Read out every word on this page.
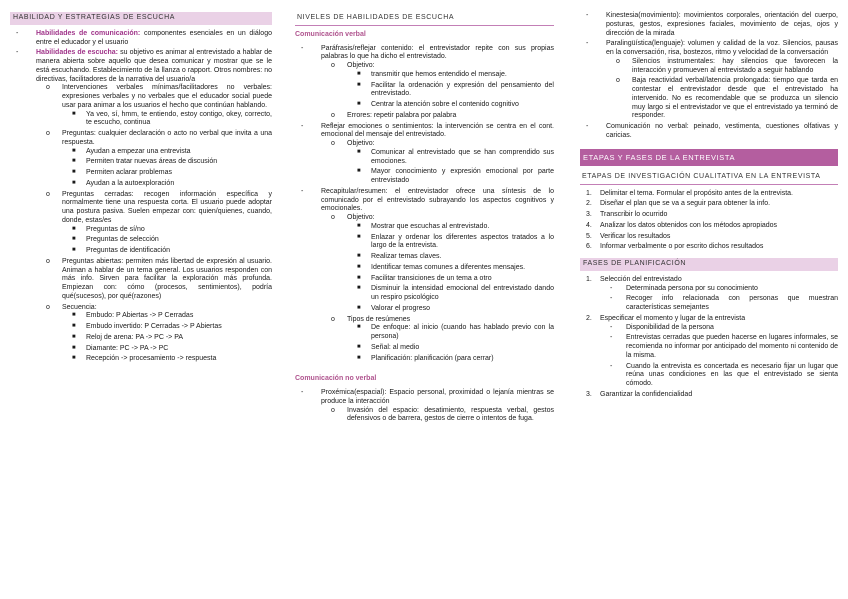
HABILIDAD Y ESTRATEGIAS DE ESCUCHA
-	Habilidades de comunicación: componentes esenciales en un diálogo entre el educador y el usuario
-	Habilidades de escucha: su objetivo es animar al entrevistado a hablar de manera abierta sobre aquello que desea comunicar y mostrar que se le está escuchando. Establecimiento de la llanza o rapport. Otros nombres: no directivas, facilitadores de la narrativa del usuario/a
o Intervenciones verbales mínimas/facilitadores no verbales: expresiones verbales y no verbales que el educador social puede usar para animar a los usuarios el hecho que continúan hablando.
■ Ya veo, sí, hmm, te entiendo, estoy contigo, okey, correcto, te escucho, continua
o Preguntas: cualquier declaración o acto no verbal que invita a una respuesta.
■ Ayudan a empezar una entrevista
■ Permiten tratar nuevas áreas de discusión
■ Permiten aclarar problemas
■ Ayudan a la autoexploración
o Preguntas cerradas: recogen información específica y normalmente tiene una respuesta corta. El usuario puede adoptar una postura pasiva. Suelen empezar con: quien/quienes, cuando, donde, estas/es
■ Preguntas de sí/no
■ Preguntas de selección
■ Preguntas de identificación
o Preguntas abiertas: permiten más libertad de expresión al usuario. Animan a hablar de un tema general. Los usuarios responden con más info. Sirven para facilitar la exploración más profunda. Empiezan con: cómo (procesos, sentimientos), podría qué(sucesos), por qué(razones)
o Secuencia:
■ Embudo: P Abiertas -> P Cerradas
■ Embudo invertido: P Cerradas -> P Abiertas
■ Reloj de arena: PA -> PC -> PA
■ Diamante: PC -> PA -> PC
■ Recepción -> procesamiento -> respuesta
NIVELES DE HABILIDADES DE ESCUCHA
Comunicación verbal
-	Paráfrasis/reflejar contenido: el entrevistador repite con sus propias palabras lo que ha dicho el entrevistado.
o Objetivo:
■ transmitir que hemos entendido el mensaje.
■ Facilitar la ordenación y expresión del pensamiento del entrevistado.
■ Centrar la atención sobre el contenido cognitivo
o Errores: repetir palabra por palabra
-	Reflejar emociones o sentimientos: la intervención se centra en el cont. emocional del mensaje del entrevistado.
o Objetivo:
■ Comunicar al entrevistado que se han comprendido sus emociones.
■ Mayor conocimiento y expresión emocional por parte entrevistado
-	Recapitular/resumen: el entrevistador ofrece una síntesis de lo comunicado por el entrevistado subrayando los aspectos cognitivos y emocionales.
o Objetivo:
■ Mostrar que escuchas al entrevistado.
■ Enlazar y ordenar los diferentes aspectos tratados a lo largo de la entrevista.
■ Realizar temas claves.
■ Identificar temas comunes a diferentes mensajes.
■ Facilitar transiciones de un tema a otro
■ Disminuir la intensidad emocional del entrevistado dando un respiro psicológico
■ Valorar el progreso
o Tipos de resúmenes
■ De enfoque: al inicio (cuando has hablado previo con la persona)
■ Señal: al medio
■ Planificación: planificación (para cerrar)
Comunicación no verbal
-	Proxémica(espacial): Espacio personal, proximidad o lejanía mientras se produce la interacción
o Invasión del espacio: desatimiento, respuesta verbal, gestos defensivos o de barrera, gestos de cierre o intentos de fuga.
-	Kinestesia(movimiento): movimientos corporales, orientación del cuerpo, posturas, gestos, expresiones faciales, movimiento de cejas, ojos y dirección de la mirada
-	Paralingüística(lenguaje): volumen y calidad de la voz. Silencios, pausas en la conversación, risa, bostezos, ritmo y velocidad de la conversación
o Silencios instrumentales: hay silencios que favorecen la interacción y promueven al entrevistado a seguir hablando
o Baja reactividad verbal/latencia prolongada: tiempo que tarda en contestar el entrevistador desde que el entrevistado ha intervenido. No es recomendable que se produzca un silencio muy largo si el entrevistador ve que el entrevistado ya terminó de responder.
-	Comunicación no verbal: peinado, vestimenta, cuestiones olfativas y caricias.
ETAPAS Y FASES DE LA ENTREVISTA
ETAPAS DE INVESTIGACIÓN CUALITATIVA EN LA ENTREVISTA
1. Delimitar el tema. Formular el propósito antes de la entrevista.
2. Diseñar el plan que se va a seguir para obtener la info.
3. Transcribir lo ocurrido
4. Analizar los datos obtenidos con los métodos apropiados
5. Verificar los resultados
6. Informar verbalmente o por escrito dichos resultados
FASES DE PLANIFICACIÓN
1. Selección del entrevistado
- Determinada persona por su conocimiento
- Recoger info relacionada con personas que muestran características semejantes
2. Especificar el momento y lugar de la entrevista
- Disponibilidad de la persona
- Entrevistas cerradas que pueden hacerse en lugares informales, se recomienda no informar por anticipado del momento ni contenido de la misma.
- Cuando la entrevista es concertada es necesario fijar un lugar que reúna unas condiciones en las que el entrevistado se sienta cómodo.
3. Garantizar la confidencialidad
